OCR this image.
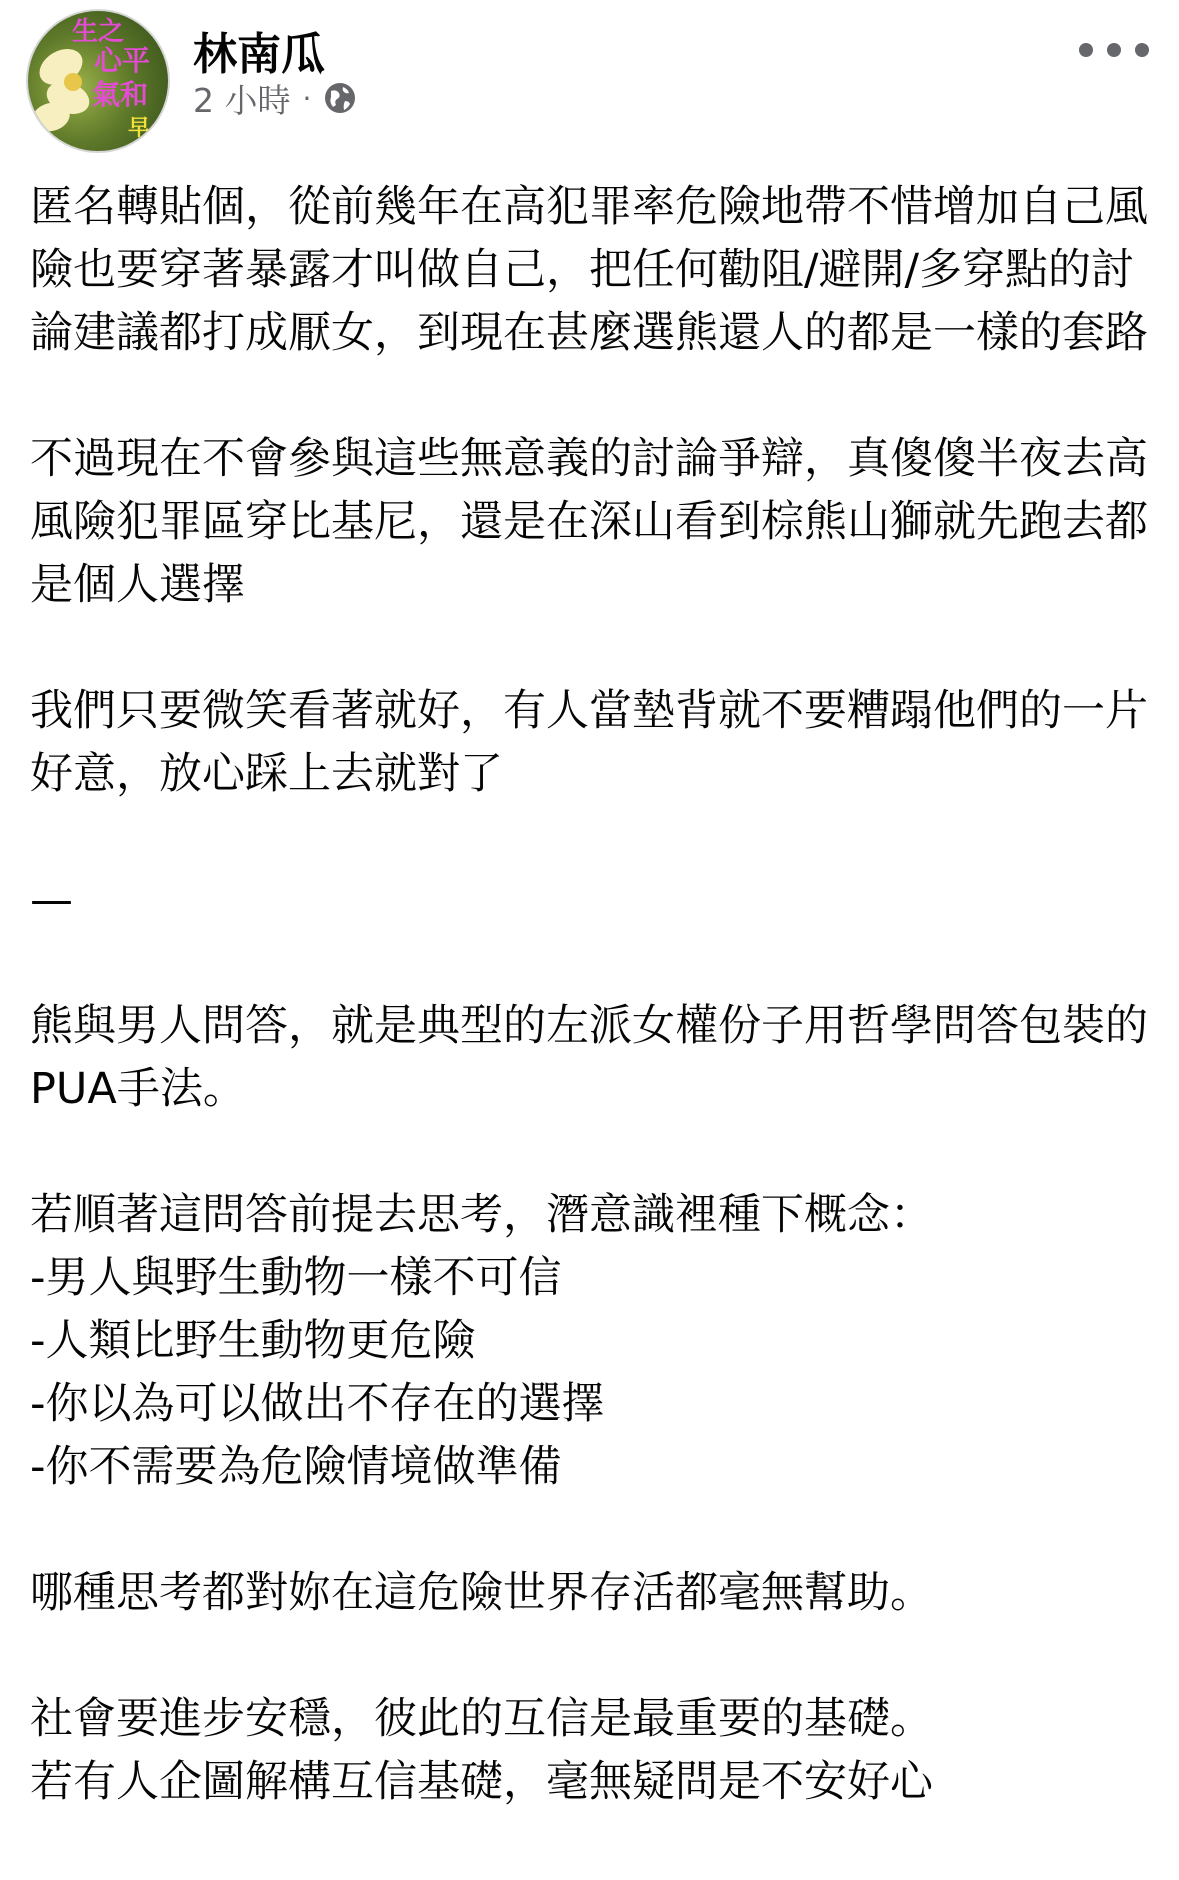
生之
心平
氣和
早
林南瓜
2 小時 ·

匿名轉貼個，從前幾年在高犯罪率危險地帶不惜增加自己風險也要穿著暴露才叫做自己，把任何勸阻/避開/多穿點的討論建議都打成厭女，到現在甚麼選熊還人的都是一樣的套路

不過現在不會參與這些無意義的討論爭辯，真傻傻半夜去高風險犯罪區穿比基尼，還是在深山看到棕熊山獅就先跑去都是個人選擇

我們只要微笑看著就好，有人當墊背就不要糟蹋他們的一片好意，放心踩上去就對了

—

熊與男人問答，就是典型的左派女權份子用哲學問答包裝的PUA手法。

若順著這問答前提去思考，潛意識裡種下概念：
-男人與野生動物一樣不可信
-人類比野生動物更危險
-你以為可以做出不存在的選擇
-你不需要為危險情境做準備

哪種思考都對妳在這危險世界存活都毫無幫助。

社會要進步安穩，彼此的互信是最重要的基礎。
若有人企圖解構互信基礎，毫無疑問是不安好心
